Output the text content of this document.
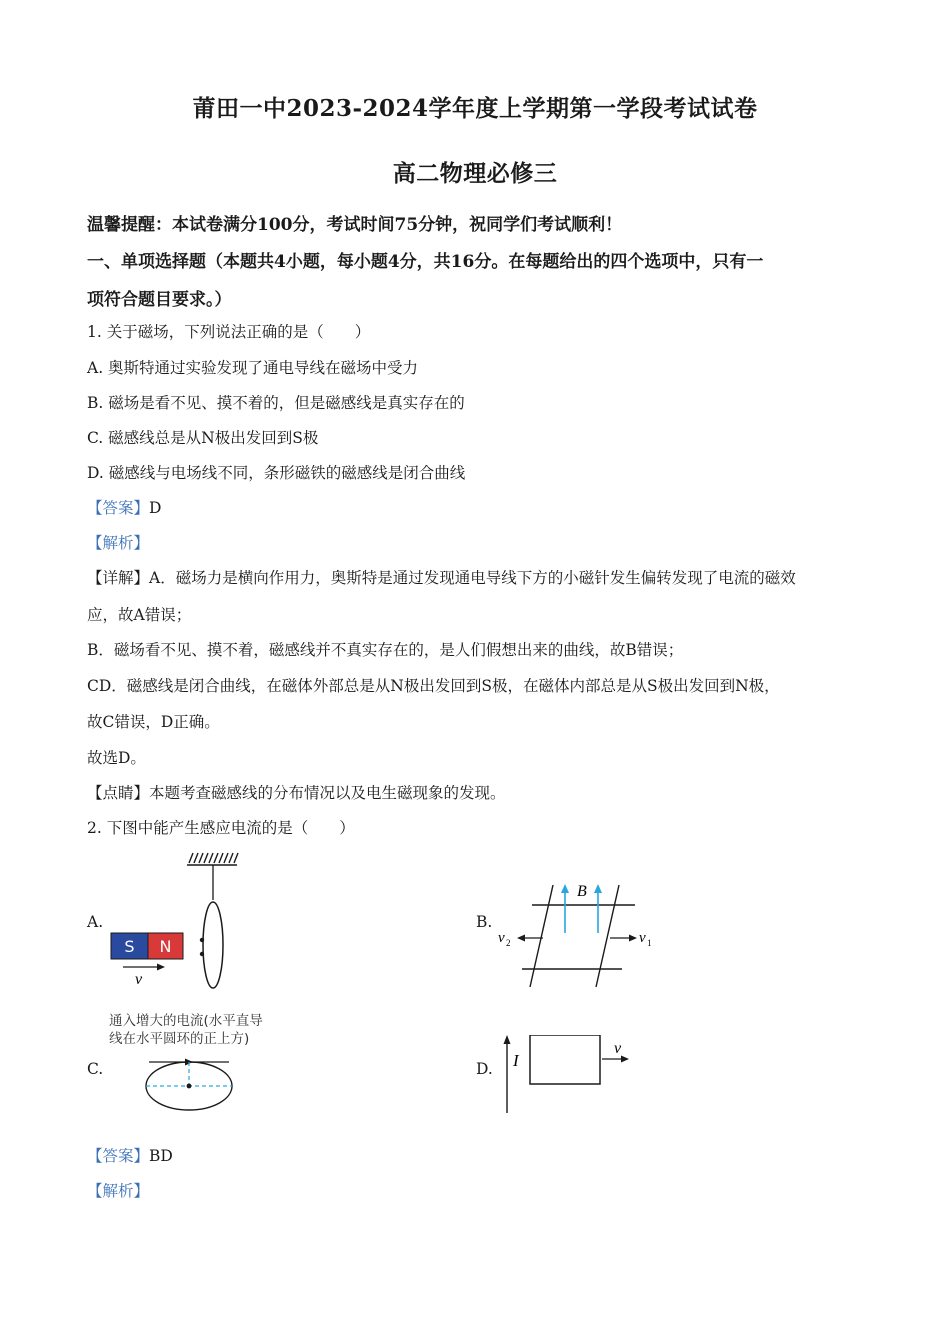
莆田一中2023-2024学年度上学期第一学段考试试卷
高二物理必修三
温馨提醒：本试卷满分100分，考试时间75分钟，祝同学们考试顺利！
一、单项选择题（本题共4小题，每小题4分，共16分。在每题给出的四个选项中，只有一
项符合题目要求。）
1. 关于磁场，下列说法正确的是（　　）
A. 奥斯特通过实验发现了通电导线在磁场中受力
B. 磁场是看不见、摸不着的，但是磁感线是真实存在的
C. 磁感线总是从N极出发回到S极
D. 磁感线与电场线不同，条形磁铁的磁感线是闭合曲线
【答案】D
【解析】
【详解】A．磁场力是横向作用力，奥斯特是通过发现通电导线下方的小磁针发生偏转发现了电流的磁效
应，故A错误；
B．磁场看不见、摸不着，磁感线并不真实存在的，是人们假想出来的曲线，故B错误；
CD．磁感线是闭合曲线，在磁体外部总是从N极出发回到S极，在磁体内部总是从S极出发回到N极，
故C错误，D正确。
故选D。
【点睛】本题考查磁感线的分布情况以及电生磁现象的发现。
2. 下图中能产生感应电流的是（　　）
A.
S N
v
B.
B
v 2	v 1
C.
通入增大的电流(水平直导
线在水平圆环的正上方)
D. I
v
【答案】BD
【解析】
